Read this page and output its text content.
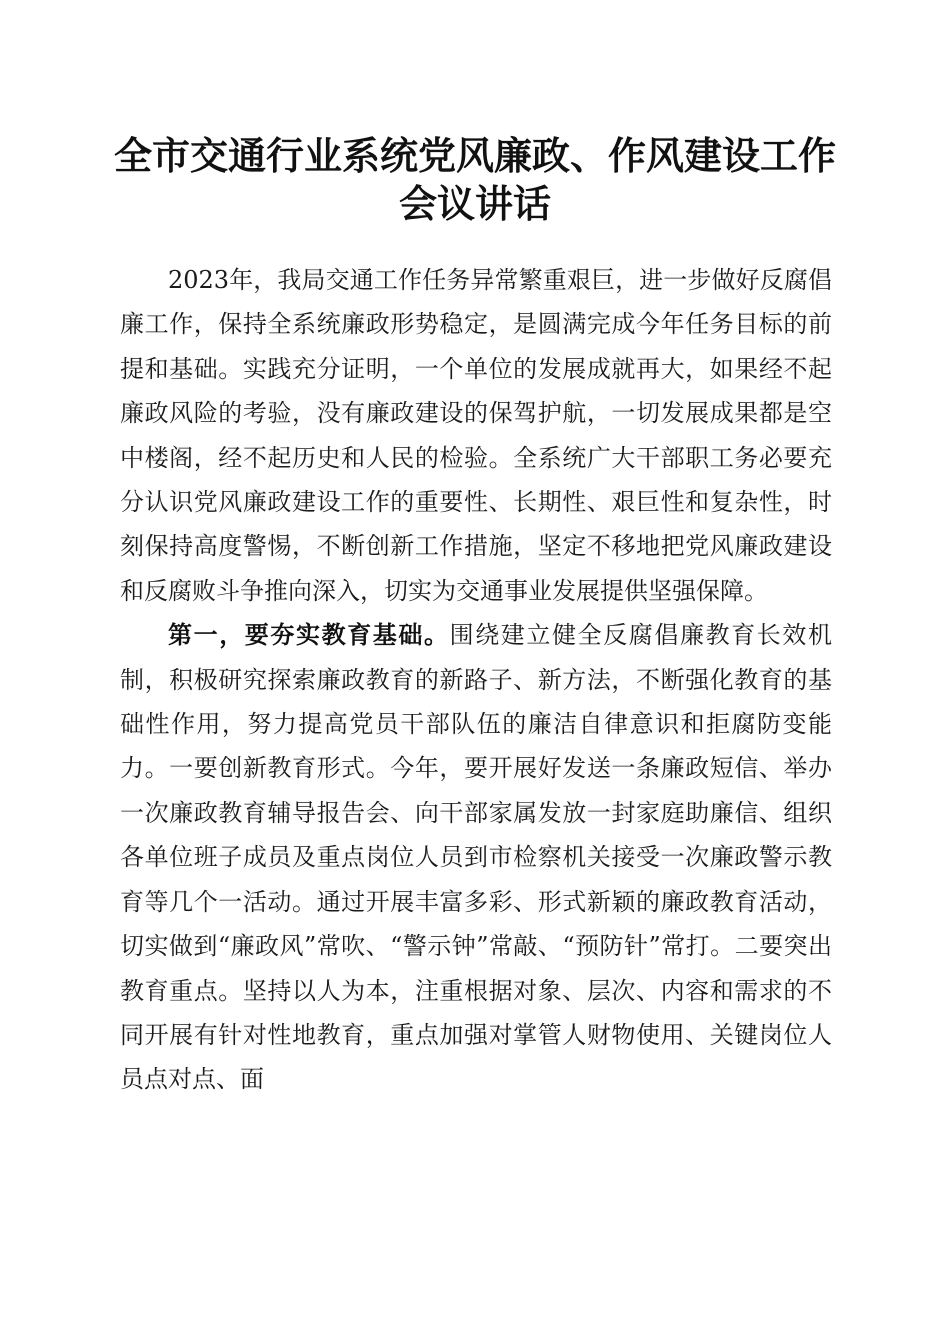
全市交通行业系统党风廉政、作风建设工作会议讲话

2023年，我局交通工作任务异常繁重艰巨，进一步做好反腐倡廉工作，保持全系统廉政形势稳定，是圆满完成今年任务目标的前提和基础。实践充分证明，一个单位的发展成就再大，如果经不起廉政风险的考验，没有廉政建设的保驾护航，一切发展成果都是空中楼阁，经不起历史和人民的检验。全系统广大干部职工务必要充分认识党风廉政建设工作的重要性、长期性、艰巨性和复杂性，时刻保持高度警惕，不断创新工作措施，坚定不移地把党风廉政建设和反腐败斗争推向深入，切实为交通事业发展提供坚强保障。

第一，要夯实教育基础。围绕建立健全反腐倡廉教育长效机制，积极研究探索廉政教育的新路子、新方法，不断强化教育的基础性作用，努力提高党员干部队伍的廉洁自律意识和拒腐防变能力。一要创新教育形式。今年，要开展好发送一条廉政短信、举办一次廉政教育辅导报告会、向干部家属发放一封家庭助廉信、组织各单位班子成员及重点岗位人员到市检察机关接受一次廉政警示教育等几个一活动。通过开展丰富多彩、形式新颖的廉政教育活动，切实做到“廉政风”常吹、“警示钟”常敲、“预防针”常打。二要突出教育重点。坚持以人为本，注重根据对象、层次、内容和需求的不同开展有针对性地教育，重点加强对掌管人财物使用、关键岗位人员点对点、面
